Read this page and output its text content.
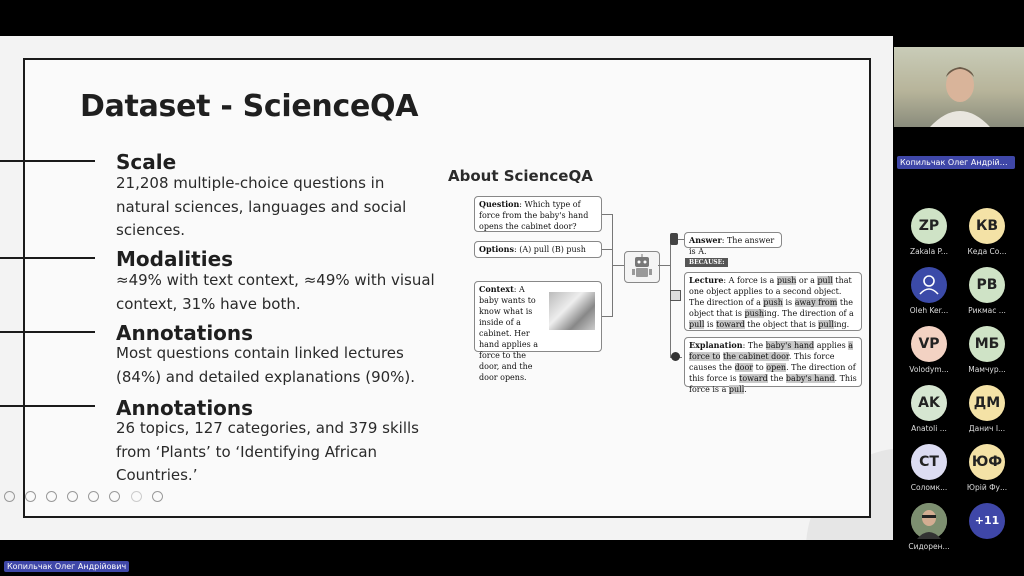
Dataset - ScienceQA
Scale
21,208 multiple-choice questions in natural sciences, languages and social sciences.
Modalities
≈49% with text context, ≈49% with visual context, 31% have both.
Annotations
Most questions contain linked lectures (84%) and detailed explanations (90%).
Annotations
26 topics, 127 categories, and 379 skills from ‘Plants’ to ‘Identifying African Countries.’
About ScienceQA
Question: Which type of force from the baby's hand opens the cabinet door?
Options: (A) pull (B) push
Context: A baby wants to know what is inside of a cabinet. Her hand applies a force to the door, and the door opens.
Answer: The answer is A.
BECAUSE:
Lecture: A force is a push or a pull that one object applies to a second object. The direction of a push is away from the object that is pushing. The direction of a pull is toward the object that is pulling.
Explanation: The baby's hand applies a force to the cabinet door. This force causes the door to open. The direction of this force is toward the baby's hand. This force is a pull.

Копильчак Олег Андрійович
Копильчак Олег Андрійо...
ZP
Zakala P...
КВ
Кеда Со...
Oleh Ker...
РВ
Рикмас ...
VP
Volodym...
МБ
Мамчур...
AK
Anatoli ...
ДМ
Данич І...
СТ
Соломк...
ЮФ
Юрій Фу...
Сидорен...
+11
